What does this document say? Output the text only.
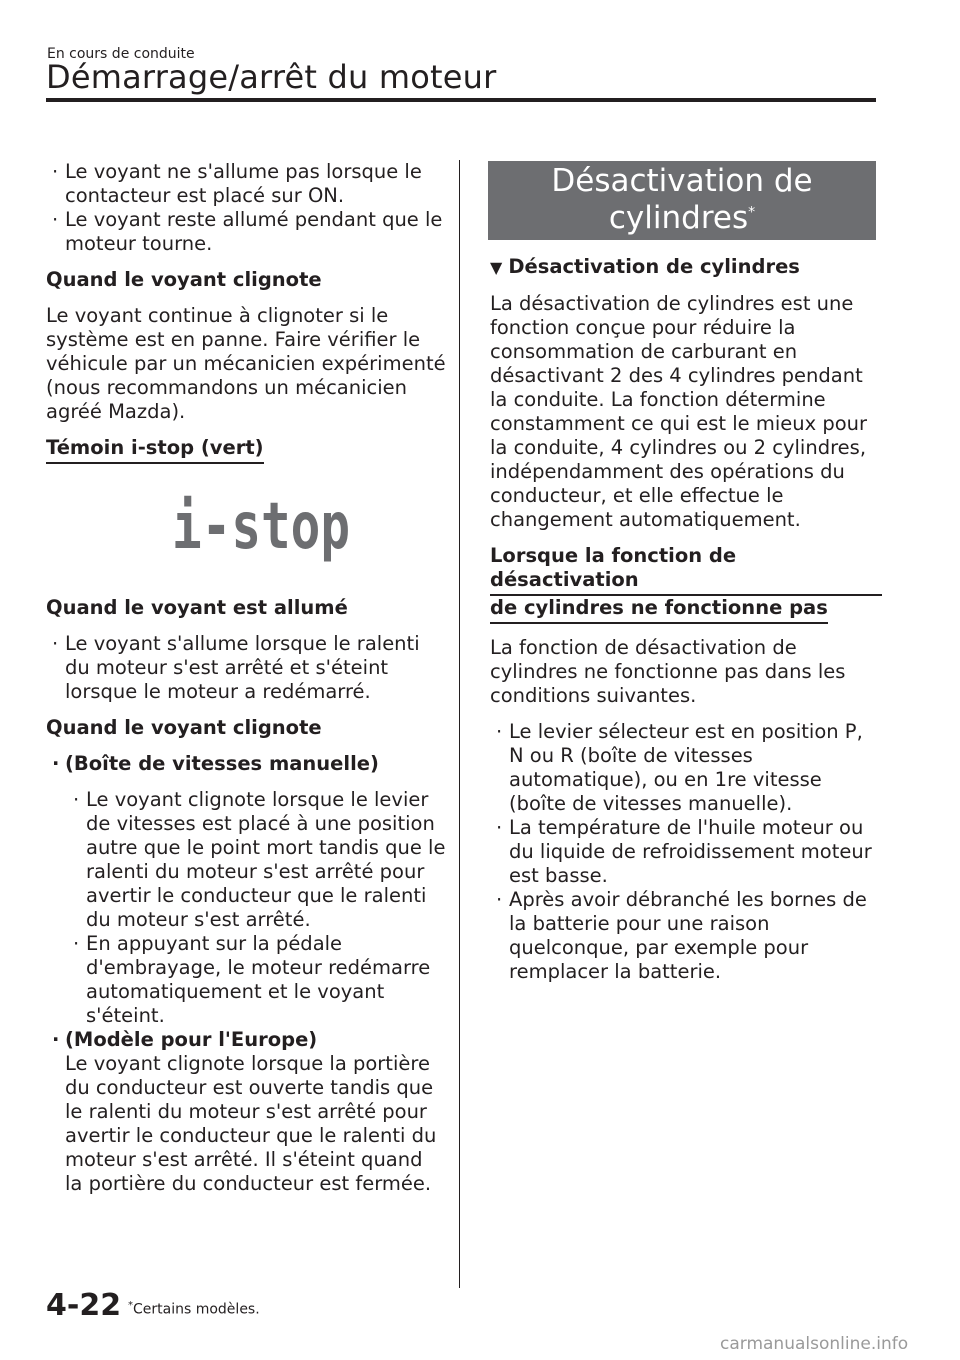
En cours de conduite
Démarrage/arrêt du moteur
· Le voyant ne s'allume pas lorsque le contacteur est placé sur ON.
· Le voyant reste allumé pendant que le moteur tourne.
Quand le voyant clignote
Le voyant continue à clignoter si le système est en panne. Faire vérifier le véhicule par un mécanicien expérimenté (nous recommandons un mécanicien agréé Mazda).
Témoin i-stop (vert)
i-stop
Quand le voyant est allumé
· Le voyant s'allume lorsque le ralenti du moteur s'est arrêté et s'éteint lorsque le moteur a redémarré.
Quand le voyant clignote
· (Boîte de vitesses manuelle)
· Le voyant clignote lorsque le levier de vitesses est placé à une position autre que le point mort tandis que le ralenti du moteur s'est arrêté pour avertir le conducteur que le ralenti du moteur s'est arrêté.
· En appuyant sur la pédale d'embrayage, le moteur redémarre automatiquement et le voyant s'éteint.
· (Modèle pour l'Europe)
Le voyant clignote lorsque la portière du conducteur est ouverte tandis que le ralenti du moteur s'est arrêté pour avertir le conducteur que le ralenti du moteur s'est arrêté. Il s'éteint quand la portière du conducteur est fermée.
Désactivation de
cylindres*
▼ Désactivation de cylindres
La désactivation de cylindres est une fonction conçue pour réduire la consommation de carburant en désactivant 2 des 4 cylindres pendant la conduite. La fonction détermine constamment ce qui est le mieux pour la conduite, 4 cylindres ou 2 cylindres, indépendamment des opérations du conducteur, et elle effectue le changement automatiquement.
Lorsque la fonction de désactivation
de cylindres ne fonctionne pas
La fonction de désactivation de cylindres ne fonctionne pas dans les conditions suivantes.
· Le levier sélecteur est en position P, N ou R (boîte de vitesses automatique), ou en 1re vitesse (boîte de vitesses manuelle).
· La température de l'huile moteur ou du liquide de refroidissement moteur est basse.
· Après avoir débranché les bornes de la batterie pour une raison quelconque, par exemple pour remplacer la batterie.
4-22 *Certains modèles.
carmanualsonline.info
